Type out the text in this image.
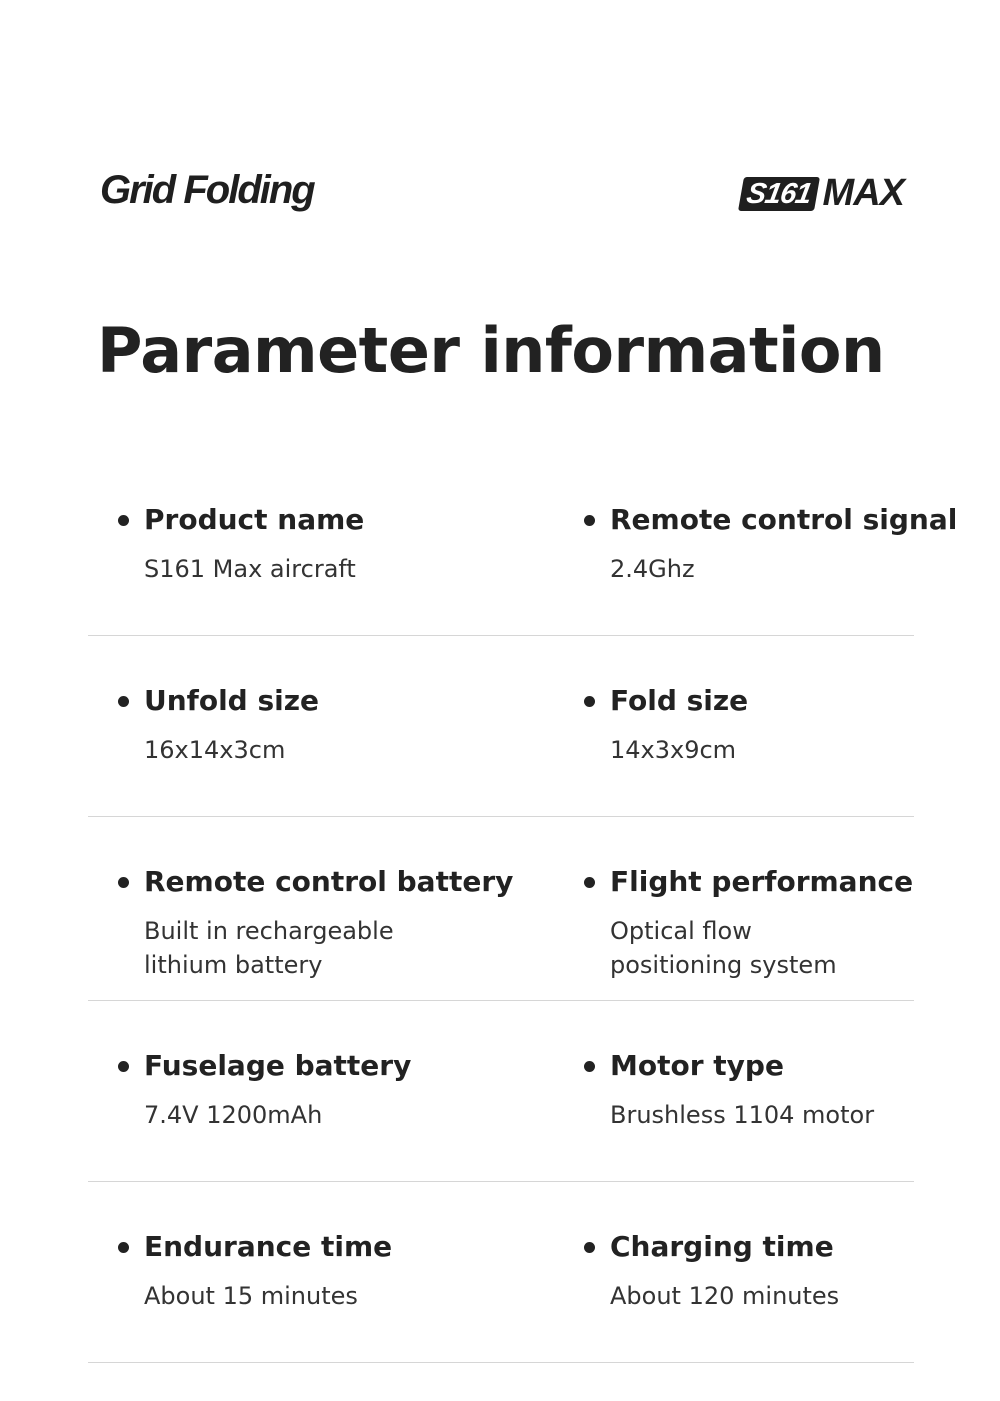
Grid Folding	S161 MAX
Parameter information
Product name
S161 Max aircraft
Remote control signal
2.4Ghz
Unfold size
16x14x3cm
Fold size
14x3x9cm
Remote control battery
Built in rechargeable
lithium battery
Flight performance
Optical flow
positioning system
Fuselage battery
7.4V 1200mAh
Motor type
Brushless 1104 motor
Endurance time
About 15 minutes
Charging time
About 120 minutes
